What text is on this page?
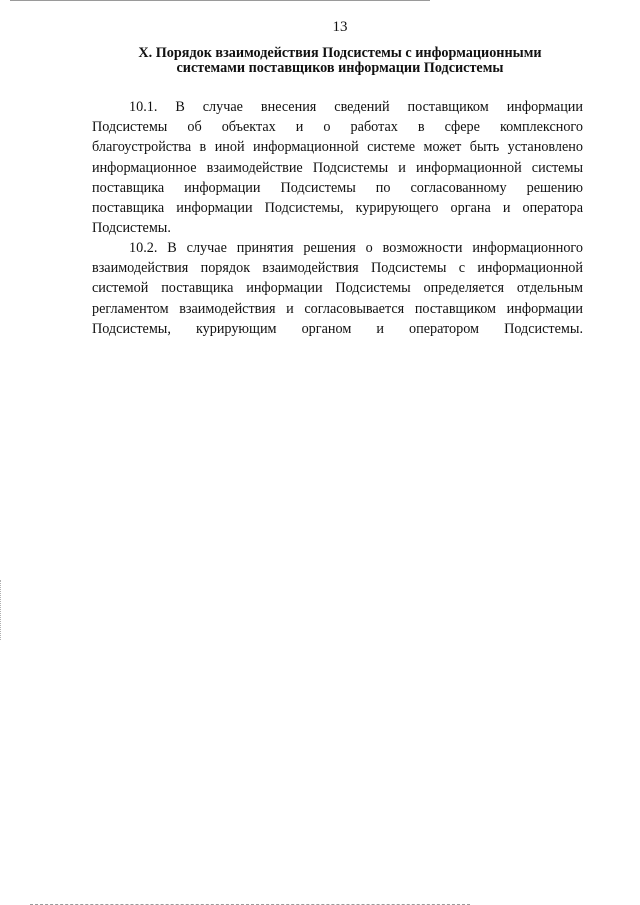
13
X. Порядок взаимодействия Подсистемы с информационными
системами поставщиков информации Подсистемы
10.1. В случае внесения сведений поставщиком информации
Подсистемы об объектах и о работах в сфере комплексного
благоустройства в иной информационной системе может быть установлено
информационное взаимодействие Подсистемы и информационной системы
поставщика информации Подсистемы по согласованному решению
поставщика информации Подсистемы, курирующего органа и оператора
Подсистемы.
10.2. В случае принятия решения о возможности информационного
взаимодействия порядок взаимодействия Подсистемы с информационной
системой поставщика информации Подсистемы определяется отдельным
регламентом взаимодействия и согласовывается поставщиком информации
Подсистемы, курирующим органом и оператором Подсистемы.
